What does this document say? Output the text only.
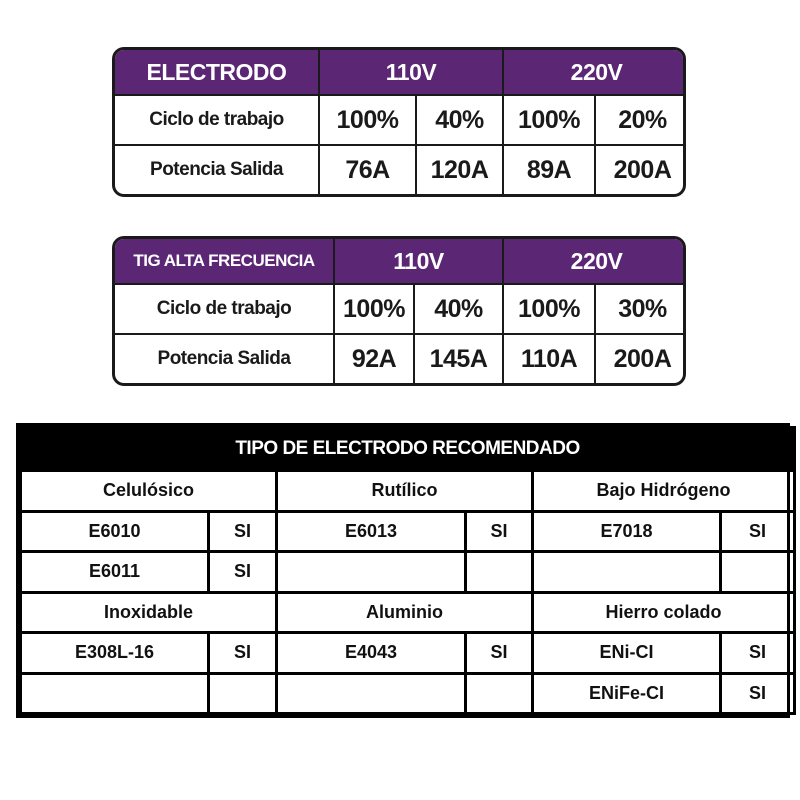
ELECTRODO	110V		220V	
Ciclo de trabajo	100%	40%	100%	20%
Potencia Salida	76A	120A	89A	200A
TIG ALTA FRECUENCIA	110V		220V	
Ciclo de trabajo	100%	40%	100%	30%
Potencia Salida	92A	145A	110A	200A
TIPO DE ELECTRODO RECOMENDADO					
Celulósico		Rutílico		Bajo Hidrógeno	
E6010	SI	E6013	SI	E7018	SI
E6011	SI				
Inoxidable		Aluminio		Hierro colado	
E308L-16	SI	E4043	SI	ENi-CI	SI
				ENiFe-CI	SI
